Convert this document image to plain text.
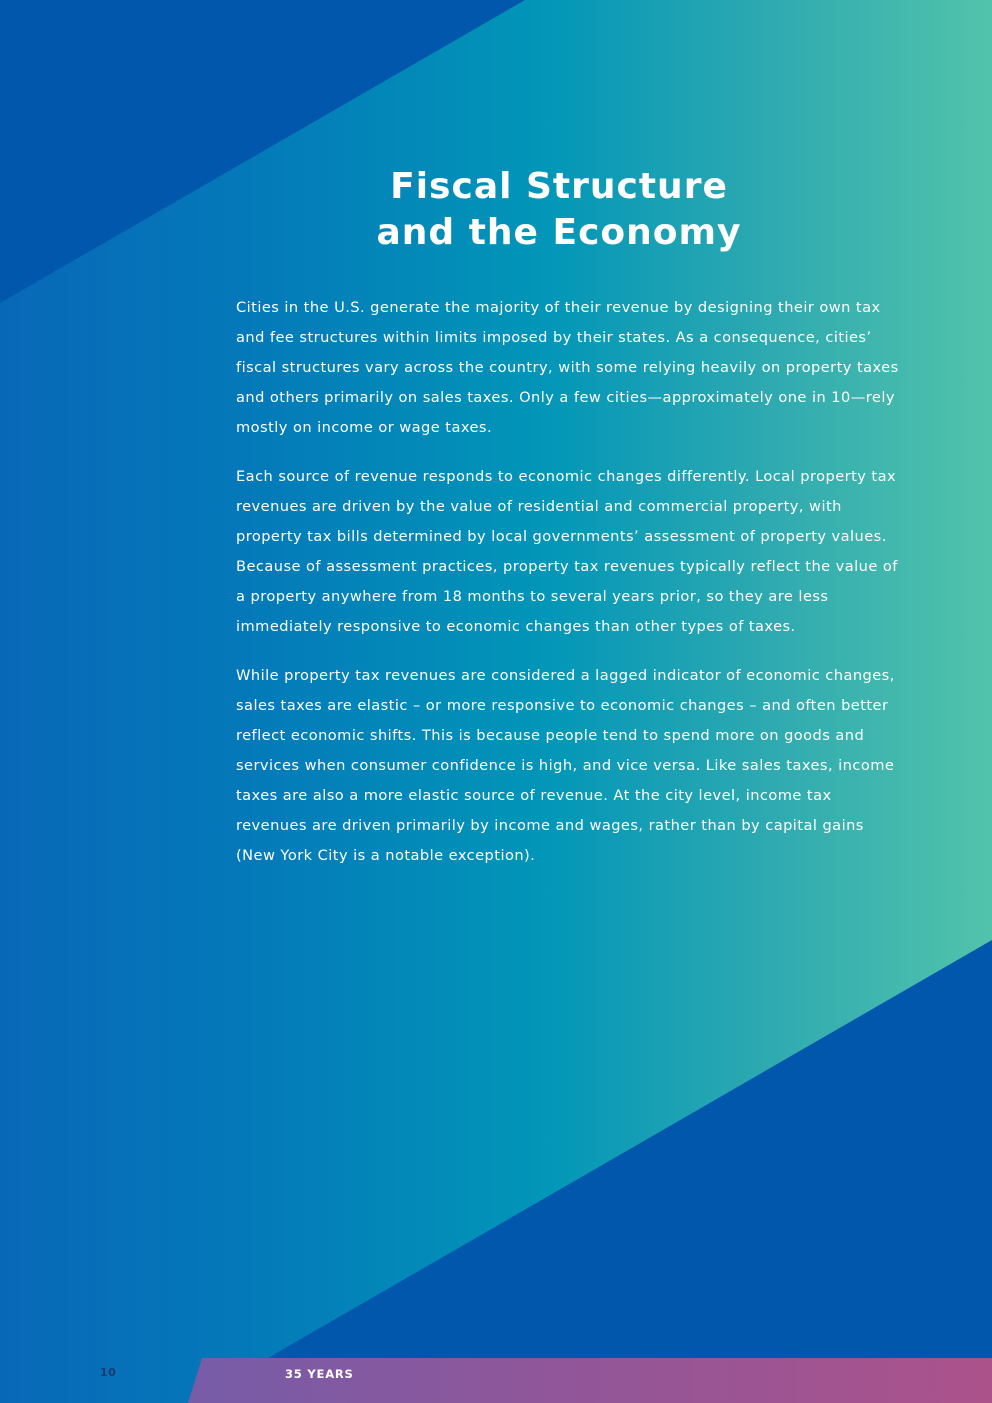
Fiscal Structure
and the Economy

Cities in the U.S. generate the majority of their revenue by designing their own tax and fee structures within limits imposed by their states. As a consequence, cities’ fiscal structures vary across the country, with some relying heavily on property taxes and others primarily on sales taxes. Only a few cities—approximately one in 10—rely mostly on income or wage taxes.

Each source of revenue responds to economic changes differently. Local property tax revenues are driven by the value of residential and commercial property, with property tax bills determined by local governments’ assessment of property values. Because of assessment practices, property tax revenues typically reflect the value of a property anywhere from 18 months to several years prior, so they are less immediately responsive to economic changes than other types of taxes.

While property tax revenues are considered a lagged indicator of economic changes, sales taxes are elastic – or more responsive to economic changes – and often better reflect economic shifts. This is because people tend to spend more on goods and services when consumer confidence is high, and vice versa. Like sales taxes, income taxes are also a more elastic source of revenue. At the city level, income tax revenues are driven primarily by income and wages, rather than by capital gains (New York City is a notable exception).

10	35 YEARS
